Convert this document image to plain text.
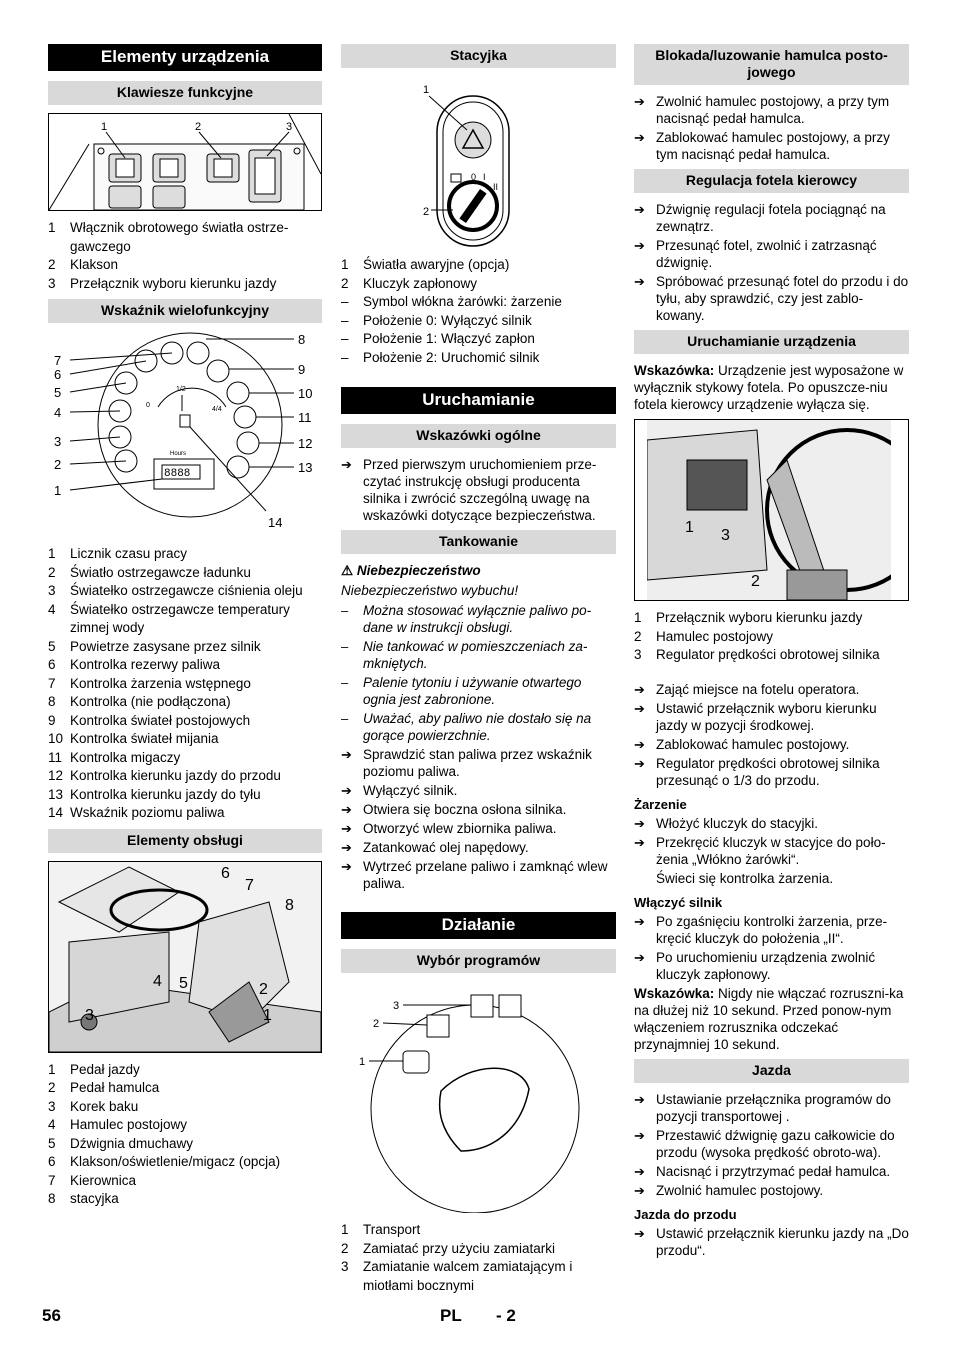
Elementy urządzenia
Klawiesze funkcyjne
1	2	3
1	Włącznik obrotowego światła ostrze-gawczego
2	Klakson
3	Przełącznik wyboru kierunku jazdy
Wskaźnik wielofunkcyjny
1/2
0
4/4
Hours
8888
1
2
3
4
5
6
7
8
9
10
11
12
13
14
1	Licznik czasu pracy
2	Światło ostrzegawcze ładunku
3	Światełko ostrzegawcze ciśnienia oleju
4	Światełko ostrzegawcze temperatury zimnej wody
5	Powietrze zasysane przez silnik
6	Kontrolka rezerwy paliwa
7	Kontrolka żarzenia wstępnego
8	Kontrolka (nie podłączona)
9	Kontrolka świateł postojowych
10 Kontrolka świateł mijania
11 Kontrolka migaczy
12 Kontrolka kierunku jazdy do przodu
13 Kontrolka kierunku jazdy do tyłu
14 Wskaźnik poziomu paliwa
Elementy obsługi
6
7
8
4 5	2
1
3
1	Pedał jazdy
2	Pedał hamulca
3	Korek baku
4	Hamulec postojowy
5	Dźwignia dmuchawy
6	Klakson/oświetlenie/migacz (opcja)
7	Kierownica
8	stacyjka
Stacyjka
0 I
II
1
2
1	Światła awaryjne (opcja)
2	Kluczyk zapłonowy
–	Symbol włókna żarówki: żarzenie
–	Położenie 0: Wyłączyć silnik
–	Położenie 1: Włączyć zapłon
–	Położenie 2: Uruchomić silnik
Uruchamianie
Wskazówki ogólne
➔ Przed pierwszym uruchomieniem prze-czytać instrukcję obsługi producenta silnika i zwrócić szczególną uwagę na wskazówki dotyczące bezpieczeństwa.
Tankowanie

⚠ Niebezpieczeństwo

Niebezpieczeństwo wybuchu!

–	Można stosować wyłącznie paliwo po-dane w instrukcji obsługi.
–	Nie tankować w pomieszczeniach za-mkniętych.
–	Palenie tytoniu i używanie otwartego ognia jest zabronione.
–	Uważać, aby paliwo nie dostało się na gorące powierzchnie.
➔ Sprawdzić stan paliwa przez wskaźnik poziomu paliwa.
➔ Wyłączyć silnik.
➔ Otwiera się boczna osłona silnika.
➔ Otworzyć wlew zbiornika paliwa.
➔ Zatankować olej napędowy.
➔ Wytrzeć przelane paliwo i zamknąć wlew paliwa.
Działanie
Wybór programów
3
2
1
1	Transport
2	Zamiatać przy użyciu zamiatarki
3	Zamiatanie walcem zamiatającym i miotłami bocznymi
Blokada/luzowanie hamulca posto-jowego
➔ Zwolnić hamulec postojowy, a przy tym nacisnąć pedał hamulca.
➔ Zablokować hamulec postojowy, a przy tym nacisnąć pedał hamulca.
Regulacja fotela kierowcy
➔ Dźwignię regulacji fotela pociągnąć na zewnątrz.
➔ Przesunąć fotel, zwolnić i zatrzasnąć dźwignię.
➔ Spróbować przesunąć fotel do przodu i do tyłu, aby sprawdzić, czy jest zablo-kowany.
Uruchamianie urządzenia

Wskazówka: Urządzenie jest wyposażone w wyłącznik stykowy fotela. Po opuszcze-niu fotela kierowcy urządzenie wyłącza się.

1 3
2
1	Przełącznik wyboru kierunku jazdy
2	Hamulec postojowy
3	Regulator prędkości obrotowej silnika
➔ Zająć miejsce na fotelu operatora.
➔ Ustawić przełącznik wyboru kierunku jazdy w pozycji środkowej.
➔ Zablokować hamulec postojowy.
➔ Regulator prędkości obrotowej silnika przesunąć o 1/3 do przodu.
Żarzenie
➔ Włożyć kluczyk do stacyjki.
➔ Przekręcić kluczyk w stacyjce do poło-żenia „Włókno żarówki“.

Świeci się kontrolka żarzenia.

Włączyć silnik
➔ Po zgaśnięciu kontrolki żarzenia, prze-kręcić kluczyk do położenia „II“.
➔ Po uruchomieniu urządzenia zwolnić kluczyk zapłonowy.

Wskazówka: Nigdy nie włączać rozruszni-ka na dłużej niż 10 sekund. Przed ponow-nym włączeniem rozrusznika odczekać przynajmniej 10 sekund.

Jazda
➔ Ustawianie przełącznika programów do pozycji transportowej .
➔ Przestawić dźwignię gazu całkowicie do przodu (wysoka prędkość obroto-wa).
➔ Nacisnąć i przytrzymać pedał hamulca.
➔ Zwolnić hamulec postojowy.
Jazda do przodu
➔ Ustawić przełącznik kierunku jazdy na „Do przodu“.
56	PL - 2
